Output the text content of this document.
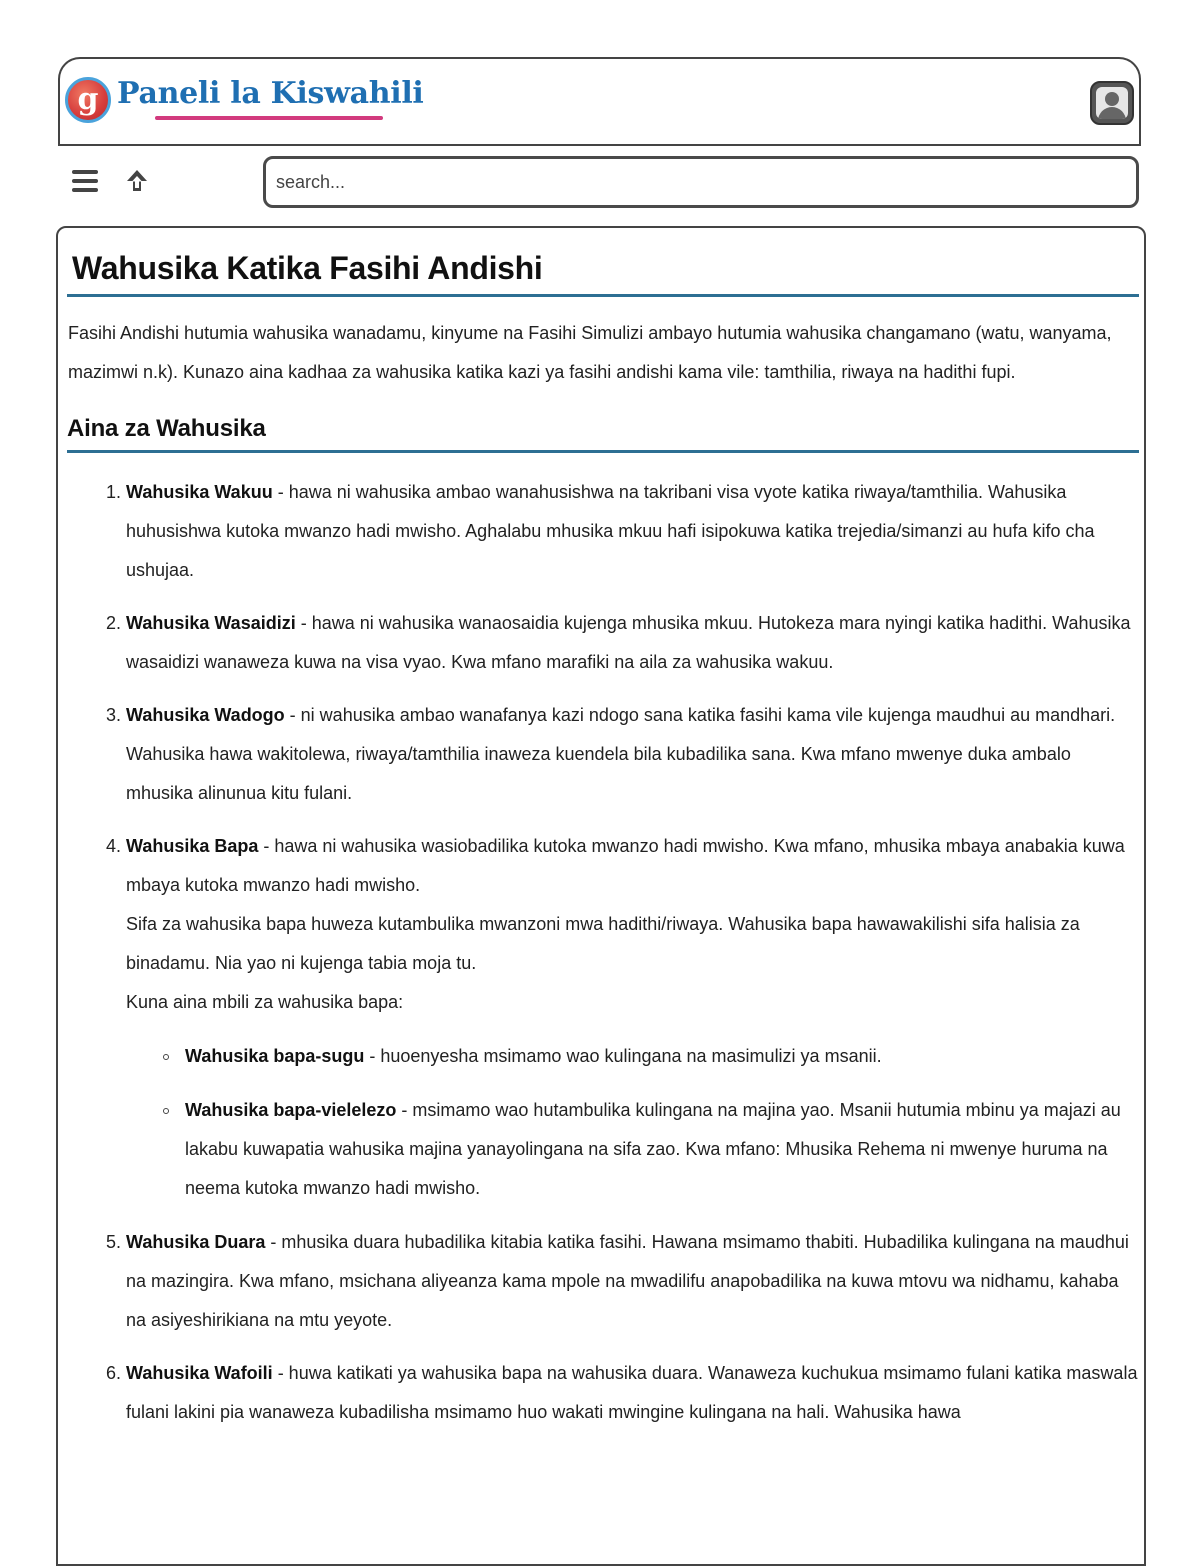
g Paneli la Kiswahili
search...
Wahusika Katika Fasihi Andishi

Fasihi Andishi hutumia wahusika wanadamu, kinyume na Fasihi Simulizi ambayo hutumia wahusika changamano (watu, wanyama, mazimwi n.k). Kunazo aina kadhaa za wahusika katika kazi ya fasihi andishi kama vile: tamthilia, riwaya na hadithi fupi.

Aina za Wahusika
1. Wahusika Wakuu - hawa ni wahusika ambao wanahusishwa na takribani visa vyote katika riwaya/tamthilia. Wahusika huhusishwa kutoka mwanzo hadi mwisho. Aghalabu mhusika mkuu hafi isipokuwa katika trejedia/simanzi au hufa kifo cha ushujaa.
2. Wahusika Wasaidizi - hawa ni wahusika wanaosaidia kujenga mhusika mkuu. Hutokeza mara nyingi katika hadithi. Wahusika wasaidizi wanaweza kuwa na visa vyao. Kwa mfano marafiki na aila za wahusika wakuu.
3. Wahusika Wadogo - ni wahusika ambao wanafanya kazi ndogo sana katika fasihi kama vile kujenga maudhui au mandhari. Wahusika hawa wakitolewa, riwaya/tamthilia inaweza kuendela bila kubadilika sana. Kwa mfano mwenye duka ambalo mhusika alinunua kitu fulani.
4. Wahusika Bapa - hawa ni wahusika wasiobadilika kutoka mwanzo hadi mwisho. Kwa mfano, mhusika mbaya anabakia kuwa mbaya kutoka mwanzo hadi mwisho.
Sifa za wahusika bapa huweza kutambulika mwanzoni mwa hadithi/riwaya. Wahusika bapa hawawakilishi sifa halisia za binadamu. Nia yao ni kujenga tabia moja tu.
Kuna aina mbili za wahusika bapa:
Wahusika bapa-sugu - huoenyesha msimamo wao kulingana na masimulizi ya msanii.
Wahusika bapa-vielelezo - msimamo wao hutambulika kulingana na majina yao. Msanii hutumia mbinu ya majazi au lakabu kuwapatia wahusika majina yanayolingana na sifa zao. Kwa mfano: Mhusika Rehema ni mwenye huruma na neema kutoka mwanzo hadi mwisho.
5. Wahusika Duara - mhusika duara hubadilika kitabia katika fasihi. Hawana msimamo thabiti. Hubadilika kulingana na maudhui na mazingira. Kwa mfano, msichana aliyeanza kama mpole na mwadilifu anapobadilika na kuwa mtovu wa nidhamu, kahaba na asiyeshirikiana na mtu yeyote.
6. Wahusika Wafoili - huwa katikati ya wahusika bapa na wahusika duara. Wanaweza kuchukua msimamo fulani katika maswala fulani lakini pia wanaweza kubadilisha msimamo huo wakati mwingine kulingana na hali. Wahusika hawa
